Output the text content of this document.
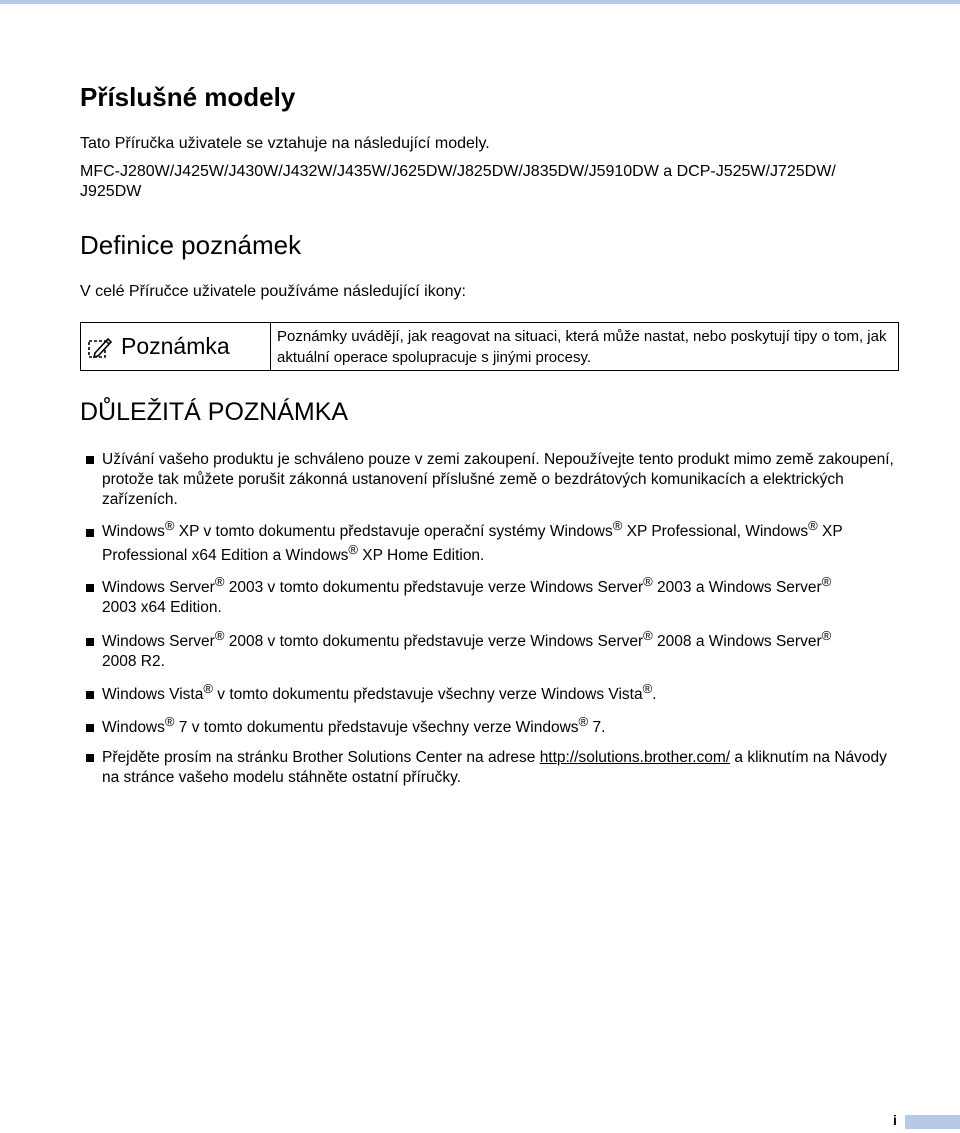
Příslušné modely
Tato Příručka uživatele se vztahuje na následující modely.
MFC-J280W/J425W/J430W/J432W/J435W/J625DW/J825DW/J835DW/J5910DW a DCP-J525W/J725DW/ J925DW
Definice poznámek
V celé Příručce uživatele používáme následující ikony:
Poznámka	Poznámky uvádějí, jak reagovat na situaci, která může nastat, nebo poskytují tipy o tom, jak aktuální operace spolupracuje s jinými procesy.
DŮLEŽITÁ POZNÁMKA
Užívání vašeho produktu je schváleno pouze v zemi zakoupení. Nepoužívejte tento produkt mimo země zakoupení, protože tak můžete porušit zákonná ustanovení příslušné země o bezdrátových komunikacích a elektrických zařízeních.
Windows® XP v tomto dokumentu představuje operační systémy Windows® XP Professional, Windows® XP Professional x64 Edition a Windows® XP Home Edition.
Windows Server® 2003 v tomto dokumentu představuje verze Windows Server® 2003 a Windows Server®
2003 x64 Edition.
Windows Server® 2008 v tomto dokumentu představuje verze Windows Server® 2008 a Windows Server®
2008 R2.
Windows Vista® v tomto dokumentu představuje všechny verze Windows Vista®.
Windows® 7 v tomto dokumentu představuje všechny verze Windows® 7.
Přejděte prosím na stránku Brother Solutions Center na adrese http://solutions.brother.com/ a kliknutím na Návody na stránce vašeho modelu stáhněte ostatní příručky.
i
